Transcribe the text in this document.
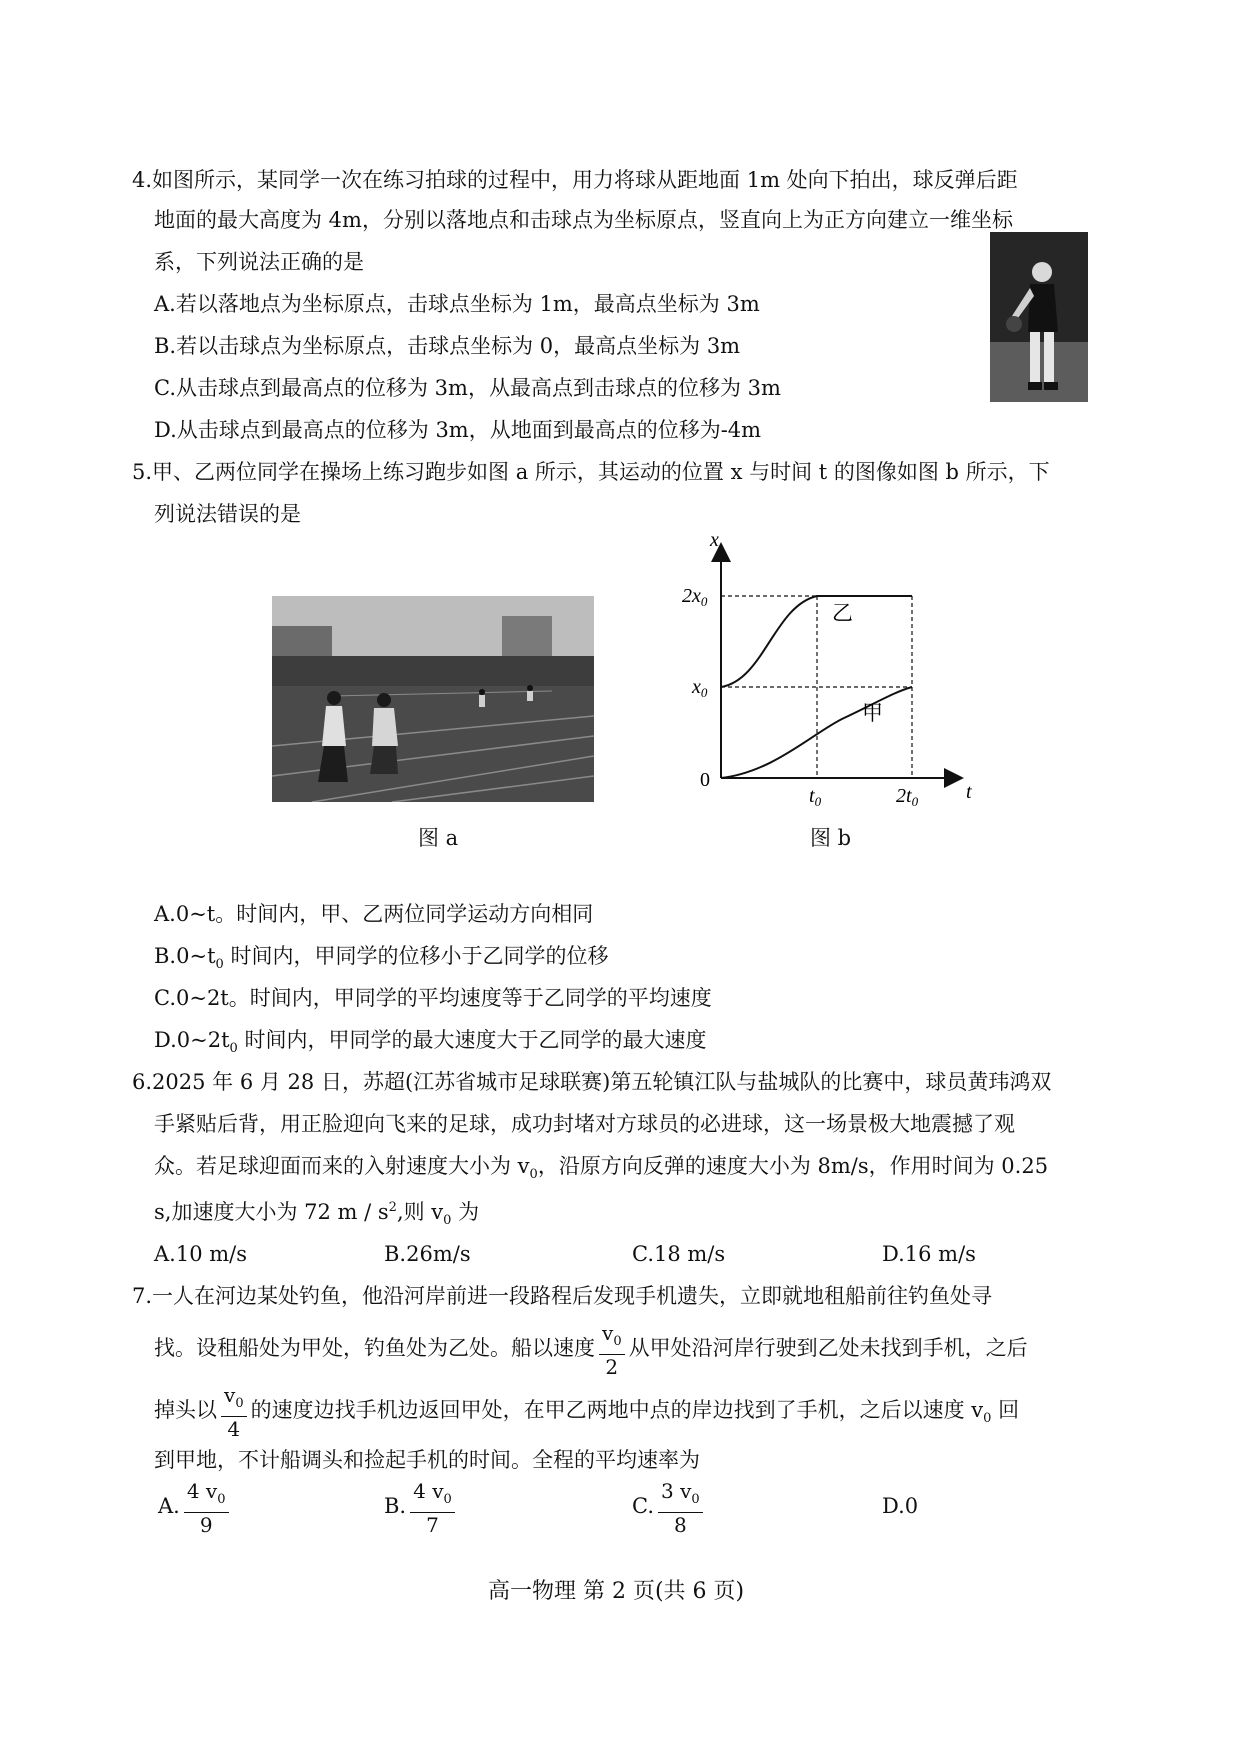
4.如图所示，某同学一次在练习拍球的过程中，用力将球从距地面 1m 处向下拍出，球反弹后距
地面的最大高度为 4m，分别以落地点和击球点为坐标原点，竖直向上为正方向建立一维坐标
系，下列说法正确的是
A.若以落地点为坐标原点，击球点坐标为 1m，最高点坐标为 3m
B.若以击球点为坐标原点，击球点坐标为 0，最高点坐标为 3m
C.从击球点到最高点的位移为 3m，从最高点到击球点的位移为 3m
D.从击球点到最高点的位移为 3m，从地面到最高点的位移为-4m
5.甲、乙两位同学在操场上练习跑步如图 a 所示，其运动的位置 x 与时间 t 的图像如图 b 所示，下
列说法错误的是
图 a
x
t
0
$2x_0$
$x_0$
$t_0$	$2t_0$
乙
甲
图 b
A.0~t。时间内，甲、乙两位同学运动方向相同
$B.0\sim t_0$ 时间内，甲同学的位移小于乙同学的位移
C.0~2t。时间内，甲同学的平均速度等于乙同学的平均速度
$D.0\sim 2t_0$ 时间内，甲同学的最大速度大于乙同学的最大速度
6.2025 年 6 月 28 日，苏超(江苏省城市足球联赛)第五轮镇江队与盐城队的比赛中，球员黄玮鸿双
手紧贴后背，用正脸迎向飞来的足球，成功封堵对方球员的必进球，这一场景极大地震撼了观
众。若足球迎面而来的入射速度大小为 $v_0$，沿原方向反弹的速度大小为 8m/s，作用时间为 0.25
s,加速度大小为 72 m / $s^2$,则 $v_0$ 为
A.10 m/s	B.26m/s	C.18 m/s	D.16 m/s
7.一人在河边某处钓鱼，他沿河岸前进一段路程后发现手机遗失，立即就地租船前往钓鱼处寻
找。设租船处为甲处，钓鱼处为乙处。船以速度 $\frac{v_0}{2}$ 从甲处沿河岸行驶到乙处未找到手机，之后
掉头以 $\frac{v_0}{4}$ 的速度边找手机边返回甲处，在甲乙两地中点的岸边找到了手机，之后以速度 $v_0$ 回
到甲地，不计船调头和捡起手机的时间。全程的平均速率为
A. $\frac{4 v_0}{9}$	B. $\frac{4 v_0}{7}$	C. $\frac{3 v_0}{8}$	D.0
高一物理 第 2 页(共 6 页)
